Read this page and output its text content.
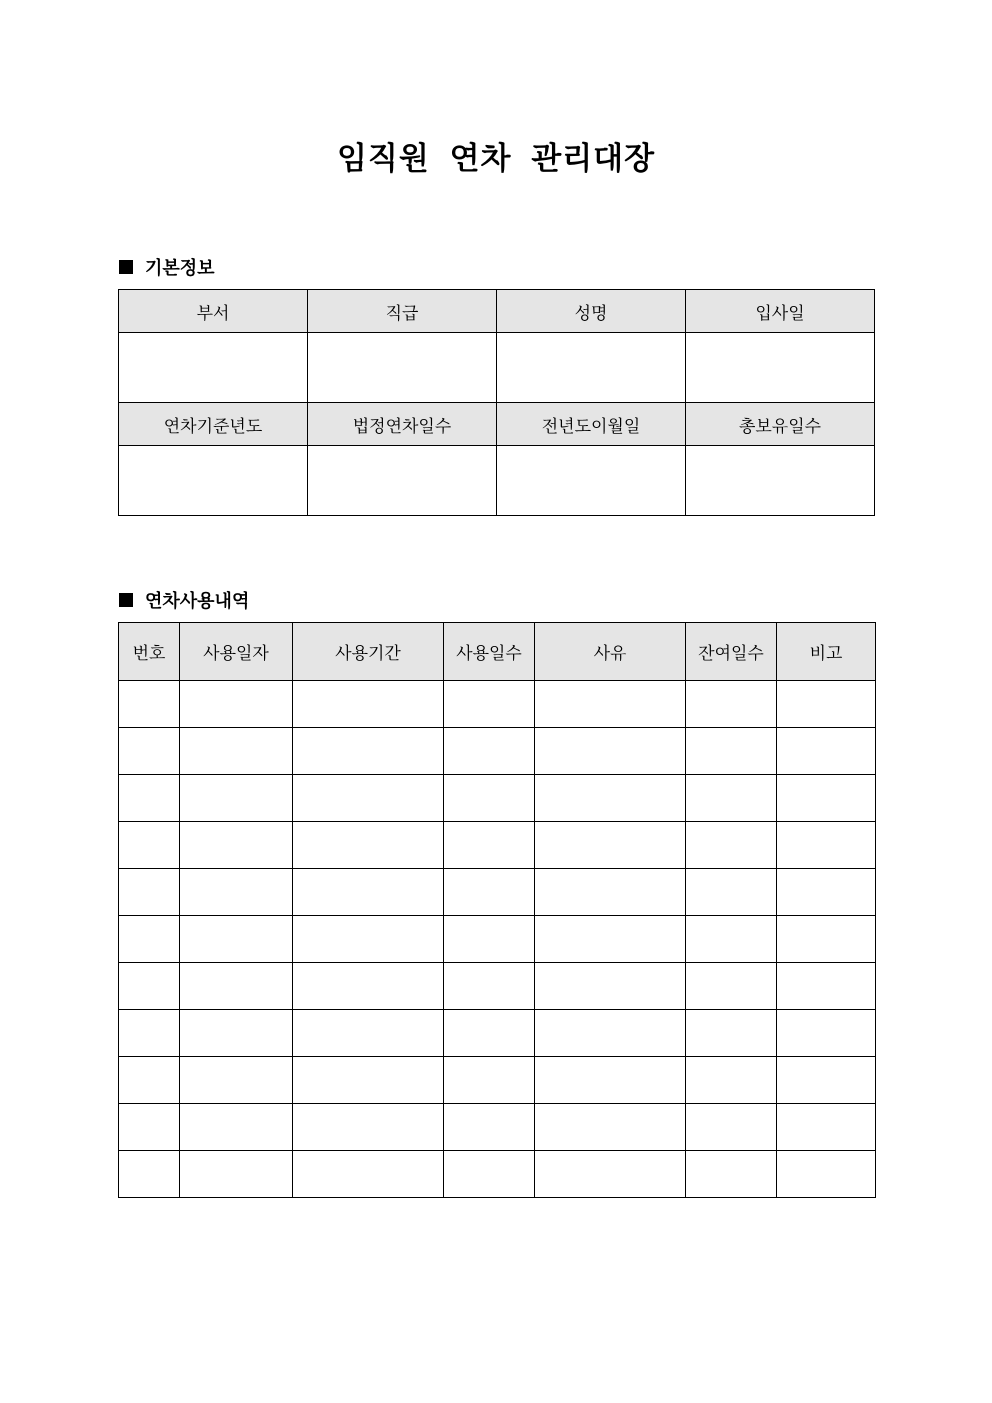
임직원 연차 관리대장
기본정보
부서	직급	성명	입사일

연차기준년도	법정연차일수	전년도이월일	총보유일수

연차사용내역
번호	사용일자	사용기간	사용일수	사유	잔여일수	비고
